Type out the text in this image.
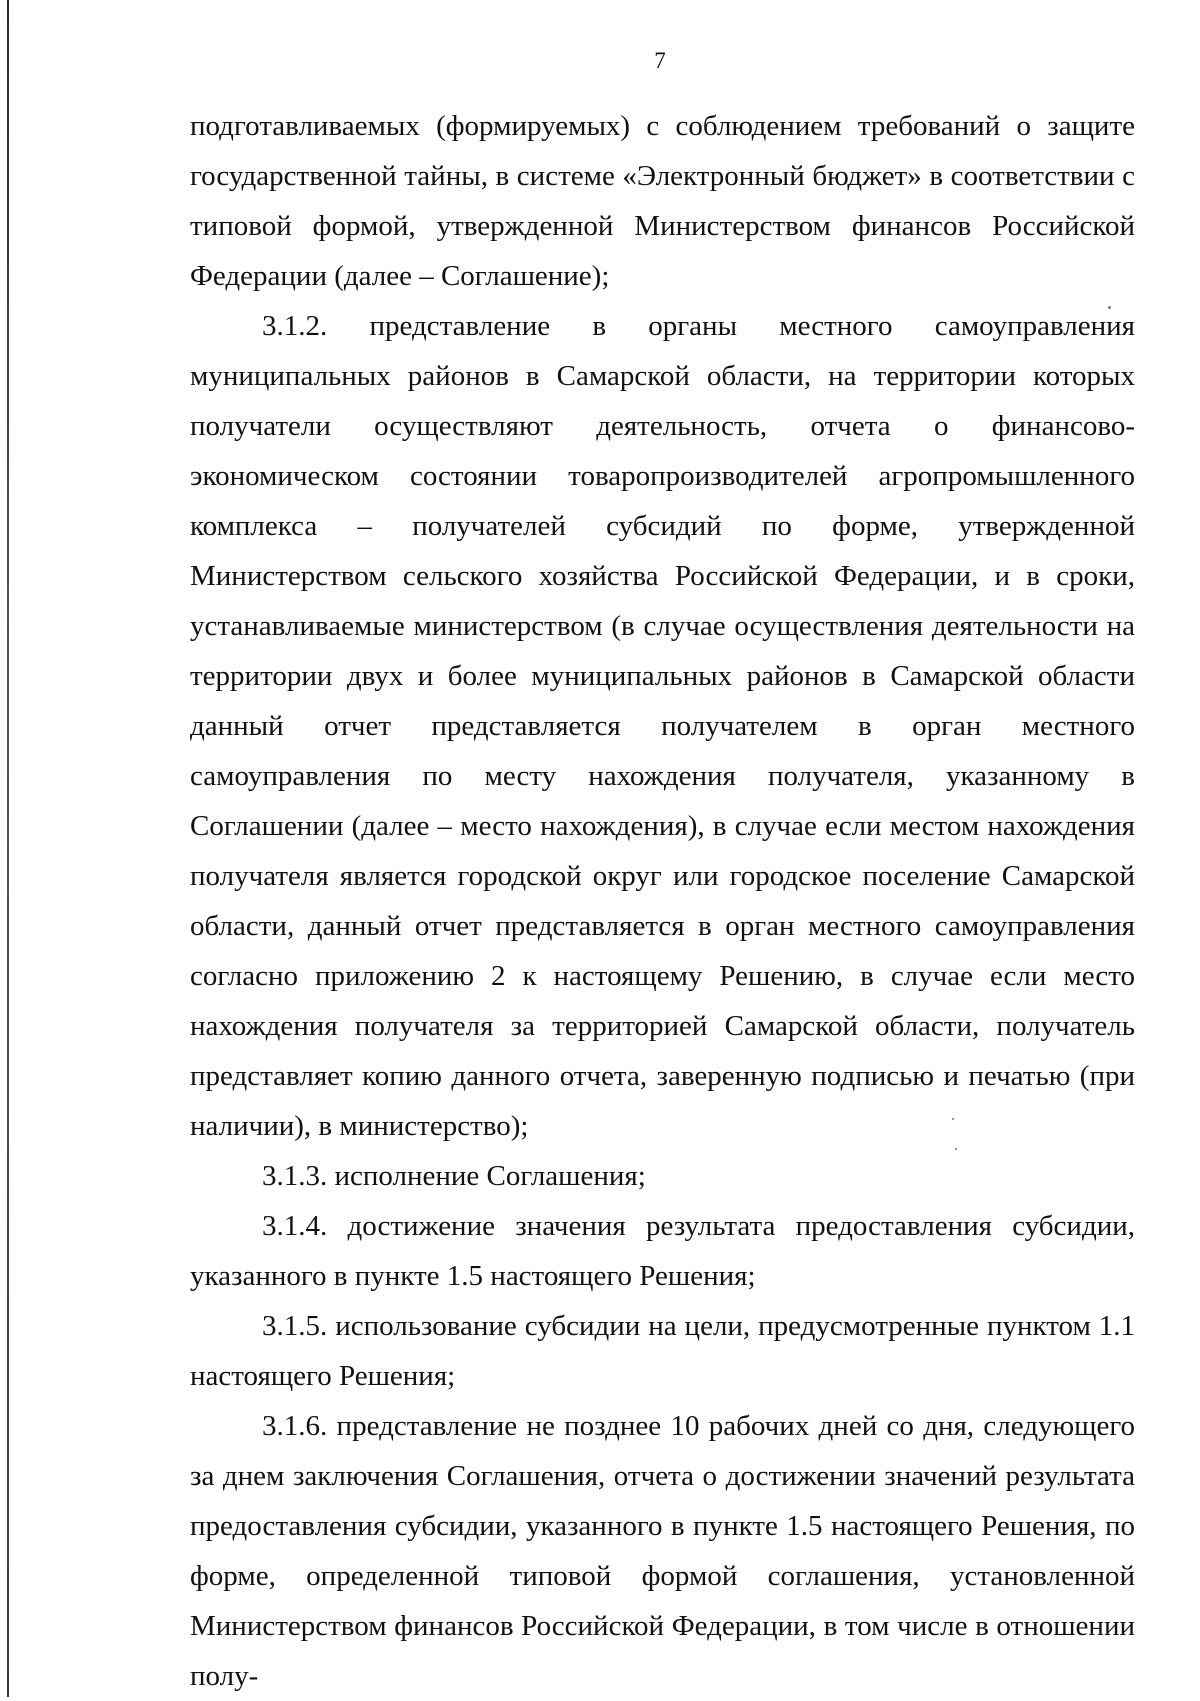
7

подготавливаемых (формируемых) с соблюдением требований о защите государственной тайны, в системе «Электронный бюджет» в соответствии с типовой формой, утвержденной Министерством финансов Российской Федерации (далее – Соглашение);

3.1.2. представление в органы местного самоуправления муниципальных районов в Самарской области, на территории которых получатели осуществляют деятельность, отчета о финансово-экономическом состоянии товаропроизводителей агропромышленного комплекса – получателей субсидий по форме, утвержденной Министерством сельского хозяйства Российской Федерации, и в сроки, устанавливаемые министерством (в случае осуществления деятельности на территории двух и более муниципальных районов в Самарской области данный отчет представляется получателем в орган местного самоуправления по месту нахождения получателя, указанному в Соглашении (далее – место нахождения), в случае если местом нахождения получателя является городской округ или городское поселение Самарской области, данный отчет представляется в орган местного самоуправления согласно приложению 2 к настоящему Решению, в случае если место нахождения получателя за территорией Самарской области, получатель представляет копию данного отчета, заверенную подписью и печатью (при наличии), в министерство);

3.1.3. исполнение Соглашения;

3.1.4. достижение значения результата предоставления субсидии, указанного в пункте 1.5 настоящего Решения;

3.1.5. использование субсидии на цели, предусмотренные пунктом 1.1 настоящего Решения;

3.1.6. представление не позднее 10 рабочих дней со дня, следующего за днем заключения Соглашения, отчета о достижении значений результата предоставления субсидии, указанного в пункте 1.5 настоящего Решения, по форме, определенной типовой формой соглашения, установленной Министерством финансов Российской Федерации, в том числе в отношении полу-
